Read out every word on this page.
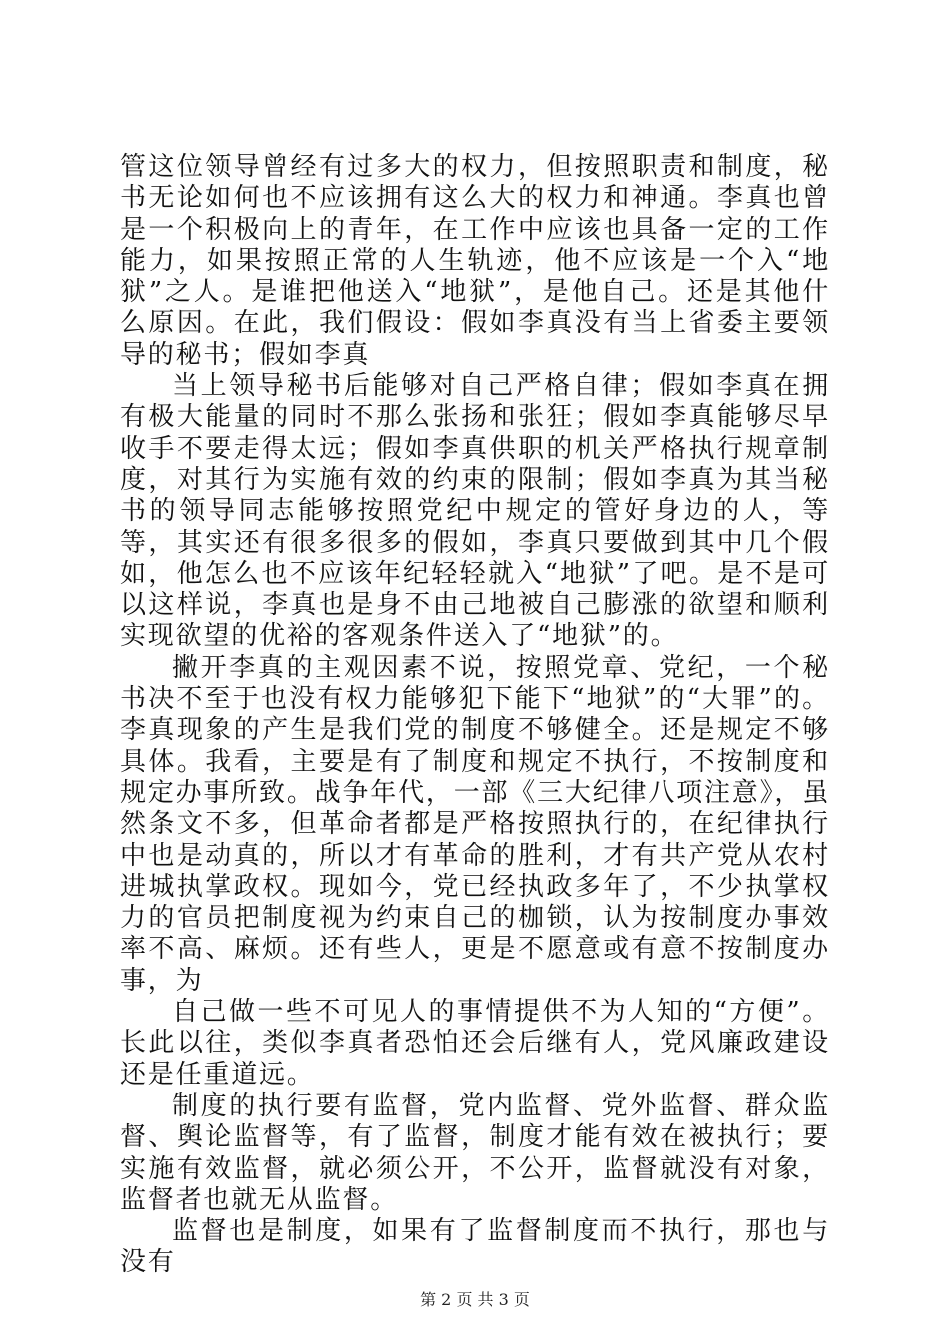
管这位领导曾经有过多大的权力，但按照职责和制度，秘书无论如何也不应该拥有这么大的权力和神通。李真也曾是一个积极向上的青年，在工作中应该也具备一定的工作能力，如果按照正常的人生轨迹，他不应该是一个入“地狱”之人。是谁把他送入“地狱”，是他自己。还是其他什么原因。在此，我们假设：假如李真没有当上省委主要领导的秘书；假如李真

当上领导秘书后能够对自己严格自律；假如李真在拥有极大能量的同时不那么张扬和张狂；假如李真能够尽早收手不要走得太远；假如李真供职的机关严格执行规章制度，对其行为实施有效的约束的限制；假如李真为其当秘书的领导同志能够按照党纪中规定的管好身边的人，等等，其实还有很多很多的假如，李真只要做到其中几个假如，他怎么也不应该年纪轻轻就入“地狱”了吧。是不是可以这样说，李真也是身不由己地被自己膨涨的欲望和顺利实现欲望的优裕的客观条件送入了“地狱”的。

撇开李真的主观因素不说，按照党章、党纪，一个秘书决不至于也没有权力能够犯下能下“地狱”的“大罪”的。李真现象的产生是我们党的制度不够健全。还是规定不够具体。我看，主要是有了制度和规定不执行，不按制度和规定办事所致。战争年代，一部《三大纪律八项注意》，虽然条文不多，但革命者都是严格按照执行的，在纪律执行中也是动真的，所以才有革命的胜利，才有共产党从农村进城执掌政权。现如今，党已经执政多年了，不少执掌权力的官员把制度视为约束自己的枷锁，认为按制度办事效率不高、麻烦。还有些人，更是不愿意或有意不按制度办事，为

自己做一些不可见人的事情提供不为人知的“方便”。长此以往，类似李真者恐怕还会后继有人，党风廉政建设还是任重道远。

制度的执行要有监督，党内监督、党外监督、群众监督、舆论监督等，有了监督，制度才能有效在被执行；要实施有效监督，就必须公开，不公开，监督就没有对象，监督者也就无从监督。

监督也是制度，如果有了监督制度而不执行，那也与没有

第 2 页 共 3 页
